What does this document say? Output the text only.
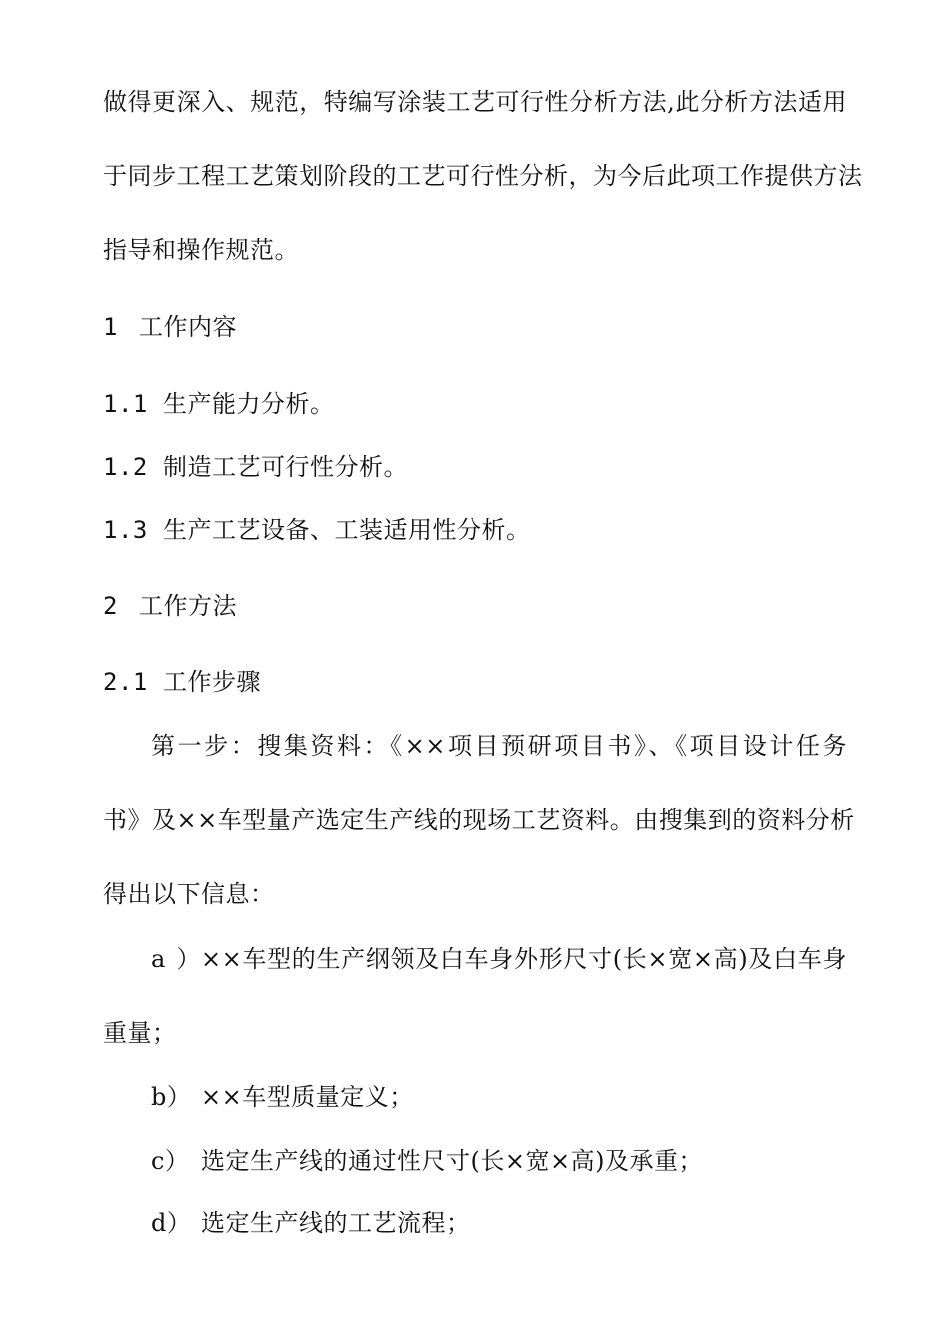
做得更深入、规范，特编写涂装工艺可行性分析方法,此分析方法适用
于同步工程工艺策划阶段的工艺可行性分析，为今后此项工作提供方法
指导和操作规范。
1 工作内容
1.1 生产能力分析。
1.2 制造工艺可行性分析。
1.3 生产工艺设备、工装适用性分析。
2 工作方法
2.1 工作步骤
第一步：搜集资料：《××项目预研项目书》、《项目设计任务
书》及××车型量产选定生产线的现场工艺资料。由搜集到的资料分析
得出以下信息：
a）××车型的生产纲领及白车身外形尺寸(长×宽×高)及白车身
重量；
b） ××车型质量定义；
c） 选定生产线的通过性尺寸(长×宽×高)及承重；
d） 选定生产线的工艺流程；
